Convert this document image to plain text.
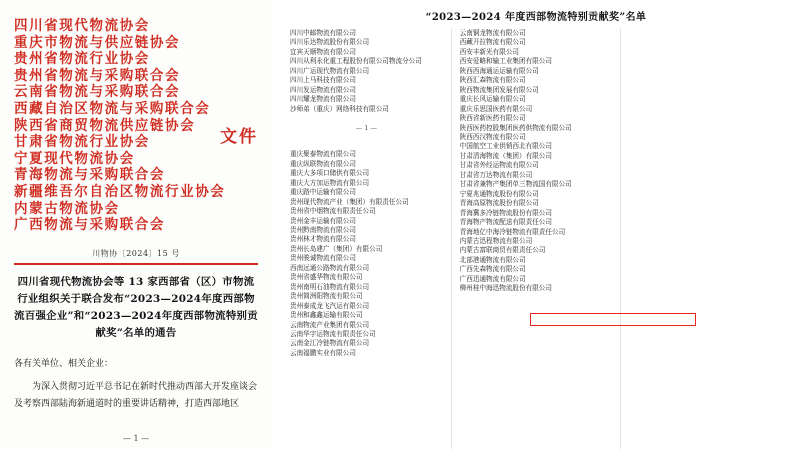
四川省现代物流协会
重庆市物流与供应链协会
贵州省物流行业协会
贵州省物流与采购联合会
云南省物流与采购联合会
西藏自治区物流与采购联合会
陕西省商贸物流供应链协会
甘肃省物流行业协会
宁夏现代物流协会
青海物流与采购联合会
新疆维吾尔自治区物流行业协会
内蒙古物流协会
广西物流与采购联合会
文件
川物协〔2024〕15 号
四川省现代物流协会等 13 家西部省（区）市物流行业组织关于联合发布“2023—2024年度西部物流百强企业”和“2023—2024年度西部物流特别贡献奖”名单的通告

各有关单位、相关企业：

为深入贯彻习近平总书记在新时代推动西部大开发座谈会及考察西部陆海新通道时的重要讲话精神，打造西部地区

— 1 —
“2023—2024 年度西部物流特别贡献奖”名单
四川中邮物流有限公司
四川乐达物流股份有限公司
宜宾天顺物流有限公司
四川从利永化重工程股份有限公司物流分公司
四川广运现代物流有限公司
四川上马科技有限公司
四川发运物流有限公司
四川耀龙物流有限公司
沙师弟（重庆）网络科技有限公司
— 1 —
重庆聚泰物流有限公司
重庆纵联物流有限公司
重庆大多项口储供有限公司
重庆大方加运物流有限公司
重庆路中运输有限公司
贵州现代物流产业（集团）有限责任公司
贵州省中烟物流有限责任公司
贵州金丰运输有限公司
贵州黔南物流有限公司
贵州林才物流有限公司
贵州长岛建广（集团）有限公司
贵州骏诚物流有限公司
西南远通公路物流有限公司
贵州省盛华物流有限公司
贵州南明石油物流有限公司
贵州简洲阳物流有限公司
贵州泰成龙飞汽运有限公司
贵州和鑫鑫运输有限公司
云南物流产业集团有限公司
云南华宇运物流有限责任公司
云南金江冷链物流有限公司
云南福鹏实业有限公司
云南铜龙物流有限公司
西藏开拉物流有限公司
西安丰新光有限公司
西安爱略和输工业集团有限公司
陕西西海通运运输有限公司
陕西汇森物流有限公司
陕西物流集团发展有限公司
重庆长风运输有限公司
重庆乐思国医药有限公司
陕西省新医药有限公司
陕西医药控股集团医药供物流有限公司
陕西西汉物流有限公司
中国航空工业供销西北有限公司
甘肃清海物流（集团）有限公司
甘肃省外经运物流有限公司
甘肃省万达物流有限公司
甘肃省兼物产集团单三物流国有限公司
宁夏兆通物流股份有限公司
青海高原物流股份有限公司
青海冀多冷链物流股份有限公司
青海物产物流配送有限责任公司
青海地亿中海冷链物流有限责任公司
内蒙古迅程物流有限公司
内蒙古富联商贸有限责任公司
北部港通物流有限公司
广西先森物流有限公司
广西迅通物流有限公司
柳州桂中海迅物流股份有限公司
